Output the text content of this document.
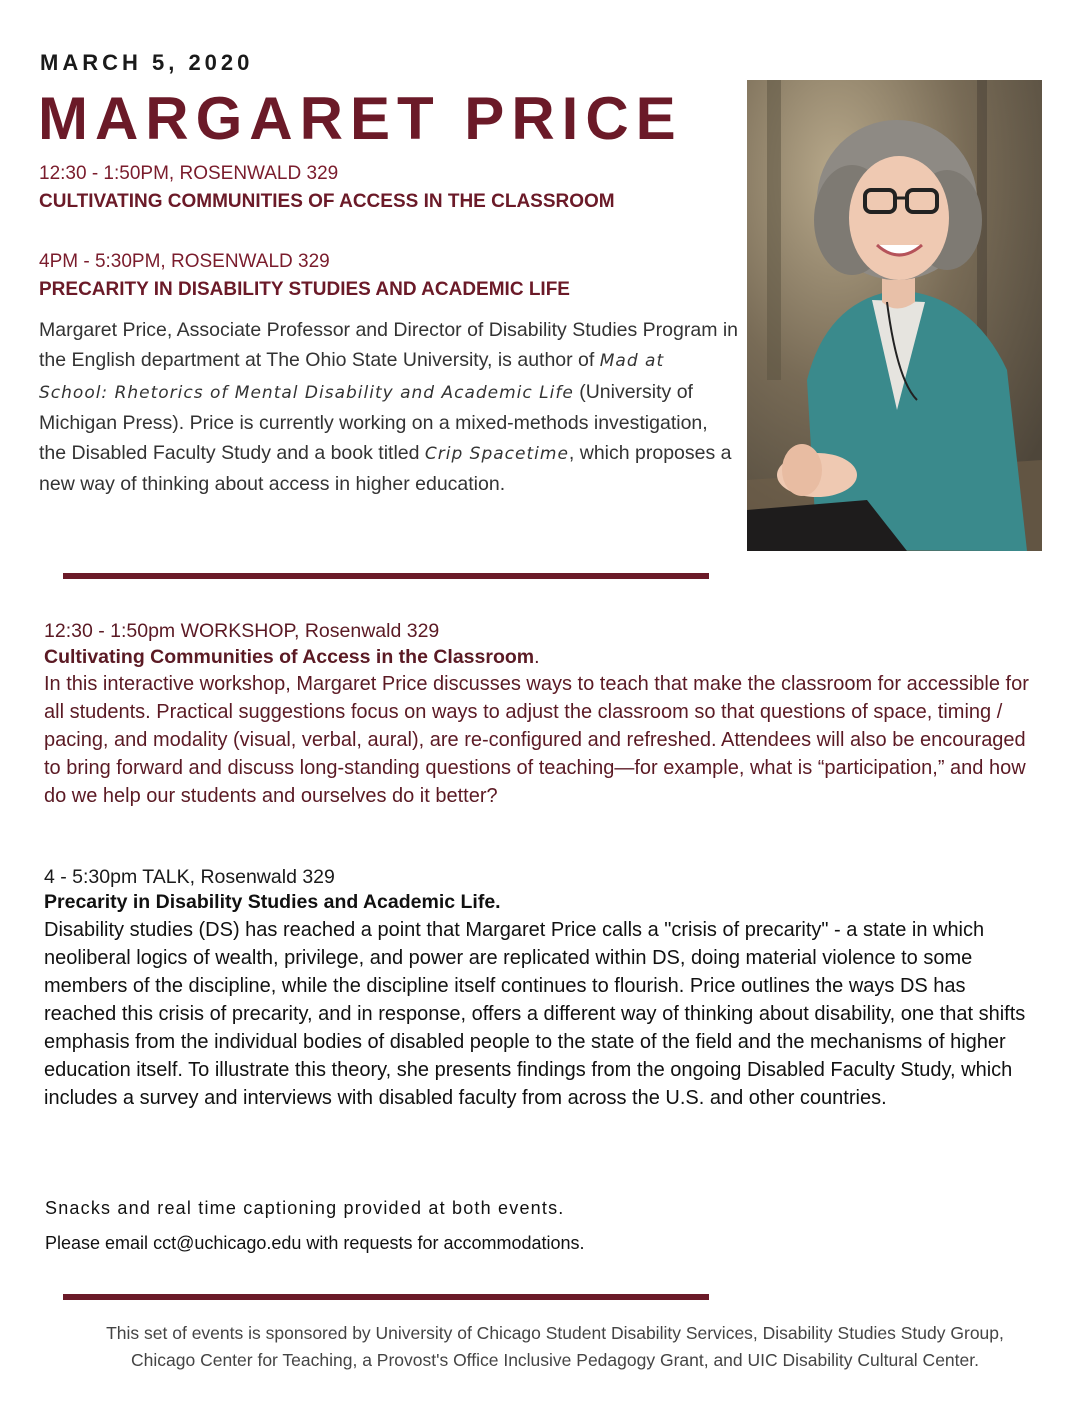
MARCH 5, 2020
MARGARET PRICE
12:30 - 1:50PM, ROSENWALD 329
CULTIVATING COMMUNITIES OF ACCESS IN THE CLASSROOM
4PM - 5:30PM, ROSENWALD 329
PRECARITY IN DISABILITY STUDIES AND ACADEMIC LIFE
Margaret Price, Associate Professor and Director of Disability Studies Program in the English department at The Ohio State University, is author of Mad at School: Rhetorics of Mental Disability and Academic Life (University of Michigan Press). Price is currently working on a mixed-methods investigation, the Disabled Faculty Study and a book titled Crip Spacetime, which proposes a new way of thinking about access in higher education.
12:30 - 1:50pm WORKSHOP, Rosenwald 329
Cultivating Communities of Access in the Classroom.
In this interactive workshop, Margaret Price discusses ways to teach that make the classroom for accessible for all students. Practical suggestions focus on ways to adjust the classroom so that questions of space, timing / pacing, and modality (visual, verbal, aural), are re-configured and refreshed. Attendees will also be encouraged to bring forward and discuss long-standing questions of teaching—for example, what is “participation,” and how do we help our students and ourselves do it better?
4 - 5:30pm TALK, Rosenwald 329
Precarity in Disability Studies and Academic Life.
Disability studies (DS) has reached a point that Margaret Price calls a "crisis of precarity" - a state in which neoliberal logics of wealth, privilege, and power are replicated within DS, doing material violence to some members of the discipline, while the discipline itself continues to flourish. Price outlines the ways DS has reached this crisis of precarity, and in response, offers a different way of thinking about disability, one that shifts emphasis from the individual bodies of disabled people to the state of the field and the mechanisms of higher education itself. To illustrate this theory, she presents findings from the ongoing Disabled Faculty Study, which includes a survey and interviews with disabled faculty from across the U.S. and other countries.
Snacks and real time captioning provided at both events.
Please email cct@uchicago.edu with requests for accommodations.
This set of events is sponsored by University of Chicago Student Disability Services, Disability Studies Study Group,
Chicago Center for Teaching, a Provost's Office Inclusive Pedagogy Grant, and UIC Disability Cultural Center.
